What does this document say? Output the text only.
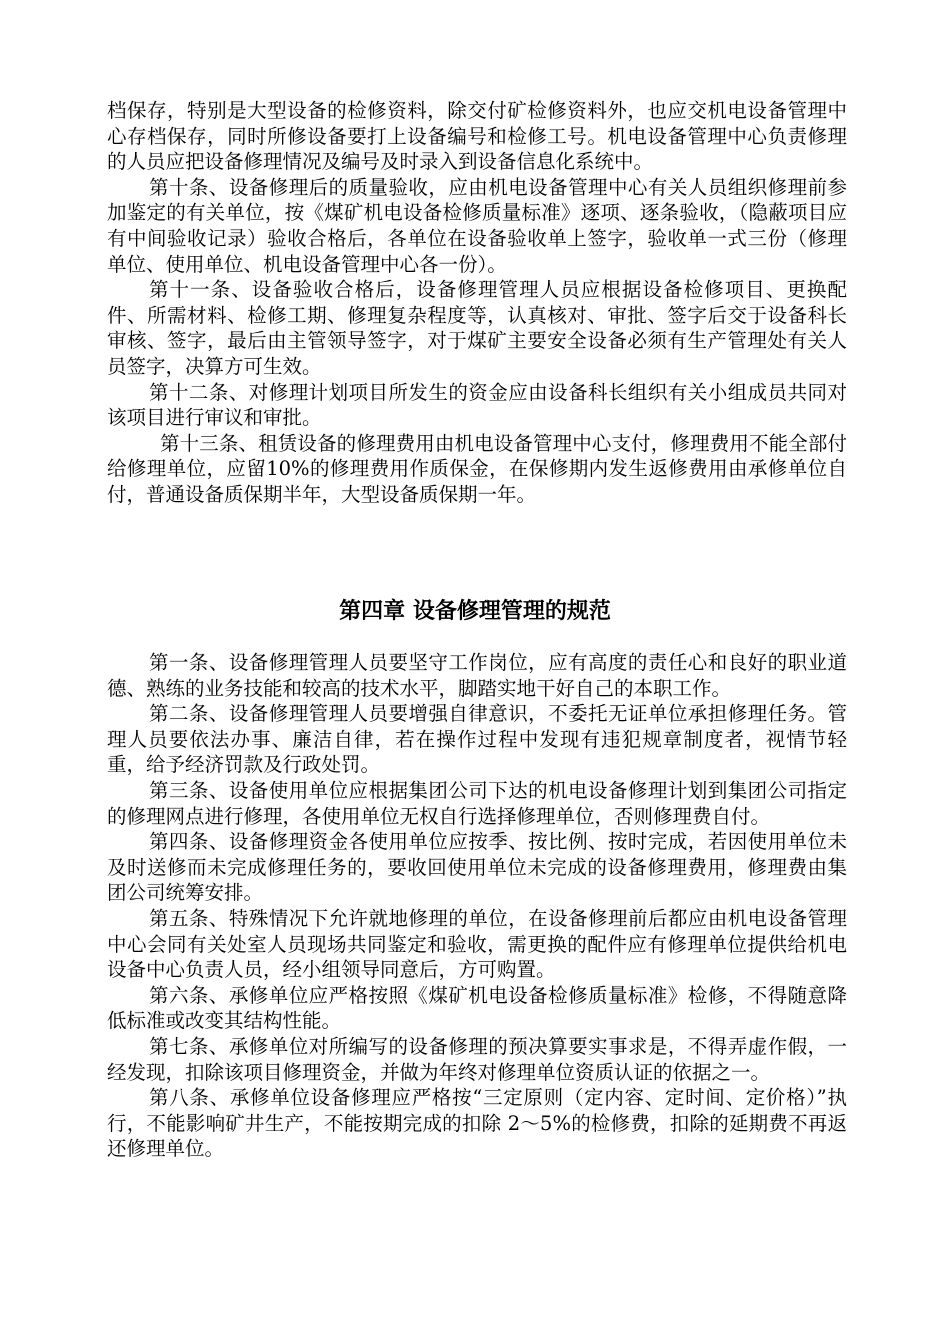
档保存，特别是大型设备的检修资料，除交付矿检修资料外，也应交机电设备管理中心存档保存，同时所修设备要打上设备编号和检修工号。机电设备管理中心负责修理的人员应把设备修理情况及编号及时录入到设备信息化系统中。

第十条、设备修理后的质量验收，应由机电设备管理中心有关人员组织修理前参加鉴定的有关单位，按《煤矿机电设备检修质量标准》逐项、逐条验收，（隐蔽项目应有中间验收记录）验收合格后，各单位在设备验收单上签字，验收单一式三份（修理单位、使用单位、机电设备管理中心各一份）。

第十一条、设备验收合格后，设备修理管理人员应根据设备检修项目、更换配件、所需材料、检修工期、修理复杂程度等，认真核对、审批、签字后交于设备科长审核、签字，最后由主管领导签字，对于煤矿主要安全设备必须有生产管理处有关人员签字，决算方可生效。

第十二条、对修理计划项目所发生的资金应由设备科长组织有关小组成员共同对该项目进行审议和审批。

第十三条、租赁设备的修理费用由机电设备管理中心支付，修理费用不能全部付给修理单位，应留10%的修理费用作质保金，在保修期内发生返修费用由承修单位自付，普通设备质保期半年，大型设备质保期一年。

第四章 设备修理管理的规范

第一条、设备修理管理人员要坚守工作岗位，应有高度的责任心和良好的职业道德、熟练的业务技能和较高的技术水平，脚踏实地干好自己的本职工作。

第二条、设备修理管理人员要增强自律意识，不委托无证单位承担修理任务。管理人员要依法办事、廉洁自律，若在操作过程中发现有违犯规章制度者，视情节轻重，给予经济罚款及行政处罚。

第三条、设备使用单位应根据集团公司下达的机电设备修理计划到集团公司指定的修理网点进行修理，各使用单位无权自行选择修理单位，否则修理费自付。

第四条、设备修理资金各使用单位应按季、按比例、按时完成，若因使用单位未及时送修而未完成修理任务的，要收回使用单位未完成的设备修理费用，修理费由集团公司统筹安排。

第五条、特殊情况下允许就地修理的单位，在设备修理前后都应由机电设备管理中心会同有关处室人员现场共同鉴定和验收，需更换的配件应有修理单位提供给机电设备中心负责人员，经小组领导同意后，方可购置。

第六条、承修单位应严格按照《煤矿机电设备检修质量标准》检修，不得随意降低标准或改变其结构性能。

第七条、承修单位对所编写的设备修理的预决算要实事求是，不得弄虚作假，一经发现，扣除该项目修理资金，并做为年终对修理单位资质认证的依据之一。

第八条、承修单位设备修理应严格按“三定原则（定内容、定时间、定价格）”执行，不能影响矿井生产，不能按期完成的扣除 2～5%的检修费，扣除的延期费不再返还修理单位。
